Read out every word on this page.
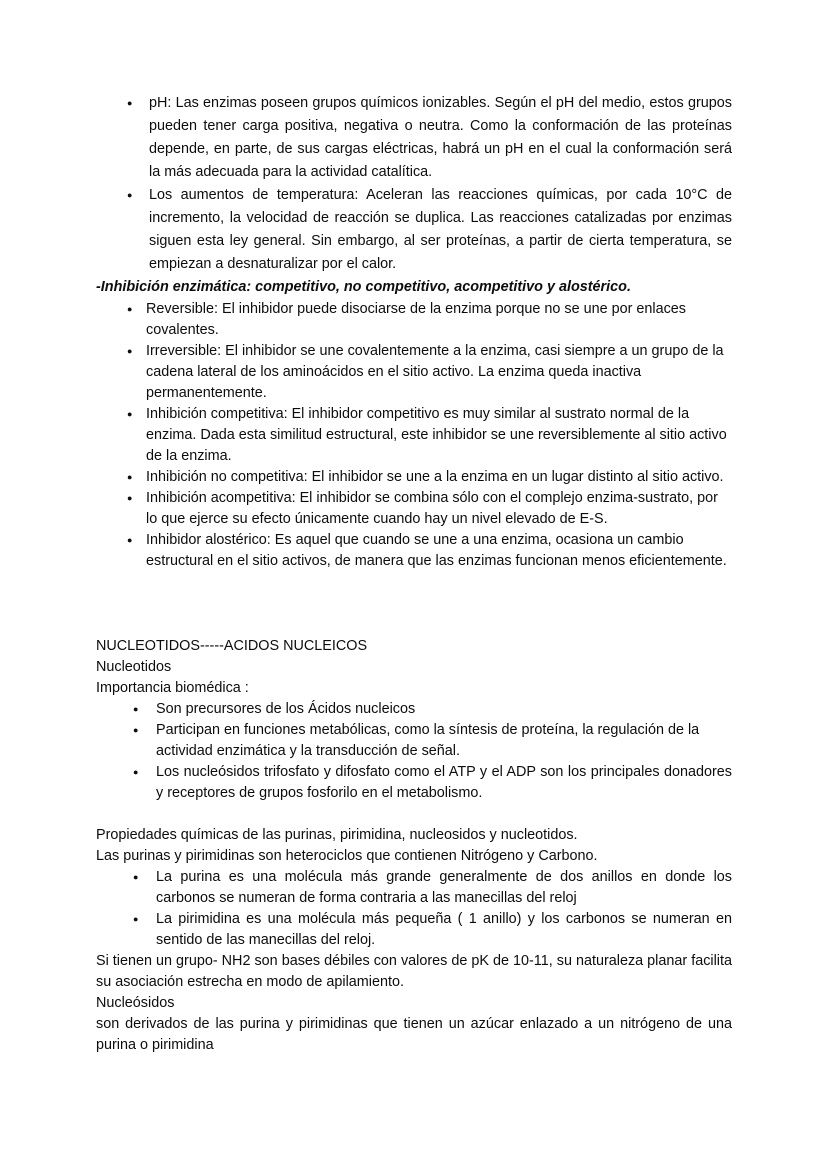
● pH: Las enzimas poseen grupos químicos ionizables. Según el pH del medio, estos grupos pueden tener carga positiva, negativa o neutra. Como la conformación de las proteínas depende, en parte, de sus cargas eléctricas, habrá un pH en el cual la conformación será la más adecuada para la actividad catalítica.
● Los aumentos de temperatura: Aceleran las reacciones químicas, por cada 10°C de incremento, la velocidad de reacción se duplica. Las reacciones catalizadas por enzimas siguen esta ley general. Sin embargo, al ser proteínas, a partir de cierta temperatura, se empiezan a desnaturalizar por el calor.

-Inhibición enzimática: competitivo, no competitivo, acompetitivo y alostérico.

● Reversible: El inhibidor puede disociarse de la enzima porque no se une por enlaces covalentes.
● Irreversible: El inhibidor se une covalentemente a la enzima, casi siempre a un grupo de la cadena lateral de los aminoácidos en el sitio activo. La enzima queda inactiva permanentemente.
● Inhibición competitiva: El inhibidor competitivo es muy similar al sustrato normal de la enzima. Dada esta similitud estructural, este inhibidor se une reversiblemente al sitio activo de la enzima.
● Inhibición no competitiva: El inhibidor se une a la enzima en un lugar distinto al sitio activo.
● Inhibición acompetitiva: El inhibidor se combina sólo con el complejo enzima-sustrato, por lo que ejerce su efecto únicamente cuando hay un nivel elevado de E-S.
● Inhibidor alostérico: Es aquel que cuando se une a una enzima, ocasiona un cambio estructural en el sitio activos, de manera que las enzimas funcionan menos eficientemente.

NUCLEOTIDOS-----ACIDOS NUCLEICOS

Nucleotidos

Importancia biomédica :

● Son precursores de los Ácidos nucleicos
● Participan en funciones metabólicas, como la síntesis de proteína, la regulación de la actividad enzimática y la transducción de señal.
● Los nucleósidos trifosfato y difosfato como el ATP y el ADP son los principales donadores y receptores de grupos fosforilo en el metabolismo.

Propiedades químicas de las purinas, pirimidina, nucleosidos y nucleotidos.

Las purinas y pirimidinas son heterociclos que contienen Nitrógeno y Carbono.

● La purina es una molécula más grande generalmente de dos anillos en donde los carbonos se numeran de forma contraria a las manecillas del reloj
● La pirimidina es una molécula más pequeña ( 1 anillo) y los carbonos se numeran en sentido de las manecillas del reloj.

Si tienen un grupo- NH2 son bases débiles con valores de pK de 10-11, su naturaleza planar facilita su asociación estrecha en modo de apilamiento.

Nucleósidos

son derivados de las purina y pirimidinas que tienen un azúcar enlazado a un nitrógeno de una purina o pirimidina
